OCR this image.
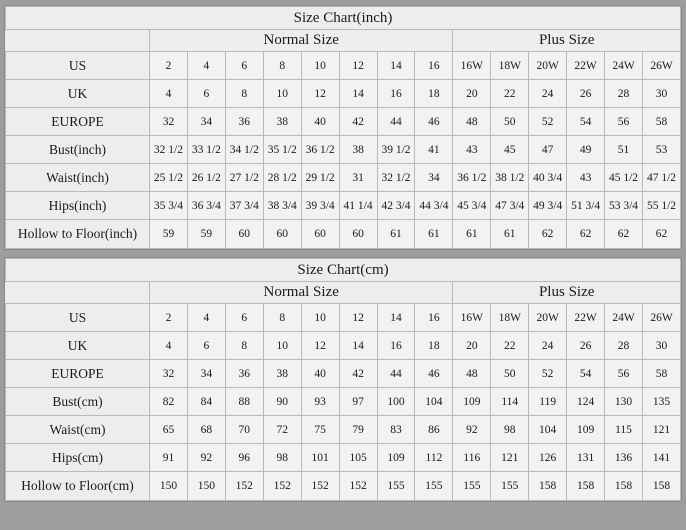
Size Chart(inch)														
	Normal Size								Plus Size					
US	2	4	6	8	10	12	14	16	16W	18W	20W	22W	24W	26W
UK	4	6	8	10	12	14	16	18	20	22	24	26	28	30
EUROPE	32	34	36	38	40	42	44	46	48	50	52	54	56	58
Bust(inch)	32 1/2	33 1/2	34 1/2	35 1/2	36 1/2	38	39 1/2	41	43	45	47	49	51	53
Waist(inch)	25 1/2	26 1/2	27 1/2	28 1/2	29 1/2	31	32 1/2	34	36 1/2	38 1/2	40 3/4	43	45 1/2	47 1/2
Hips(inch)	35 3/4	36 3/4	37 3/4	38 3/4	39 3/4	41 1/4	42 3/4	44 3/4	45 3/4	47 3/4	49 3/4	51 3/4	53 3/4	55 1/2
Hollow to Floor(inch)	59	59	60	60	60	60	61	61	61	61	62	62	62	62
Size Chart(cm)														
	Normal Size								Plus Size					
US	2	4	6	8	10	12	14	16	16W	18W	20W	22W	24W	26W
UK	4	6	8	10	12	14	16	18	20	22	24	26	28	30
EUROPE	32	34	36	38	40	42	44	46	48	50	52	54	56	58
Bust(cm)	82	84	88	90	93	97	100	104	109	114	119	124	130	135
Waist(cm)	65	68	70	72	75	79	83	86	92	98	104	109	115	121
Hips(cm)	91	92	96	98	101	105	109	112	116	121	126	131	136	141
Hollow to Floor(cm)	150	150	152	152	152	152	155	155	155	155	158	158	158	158
